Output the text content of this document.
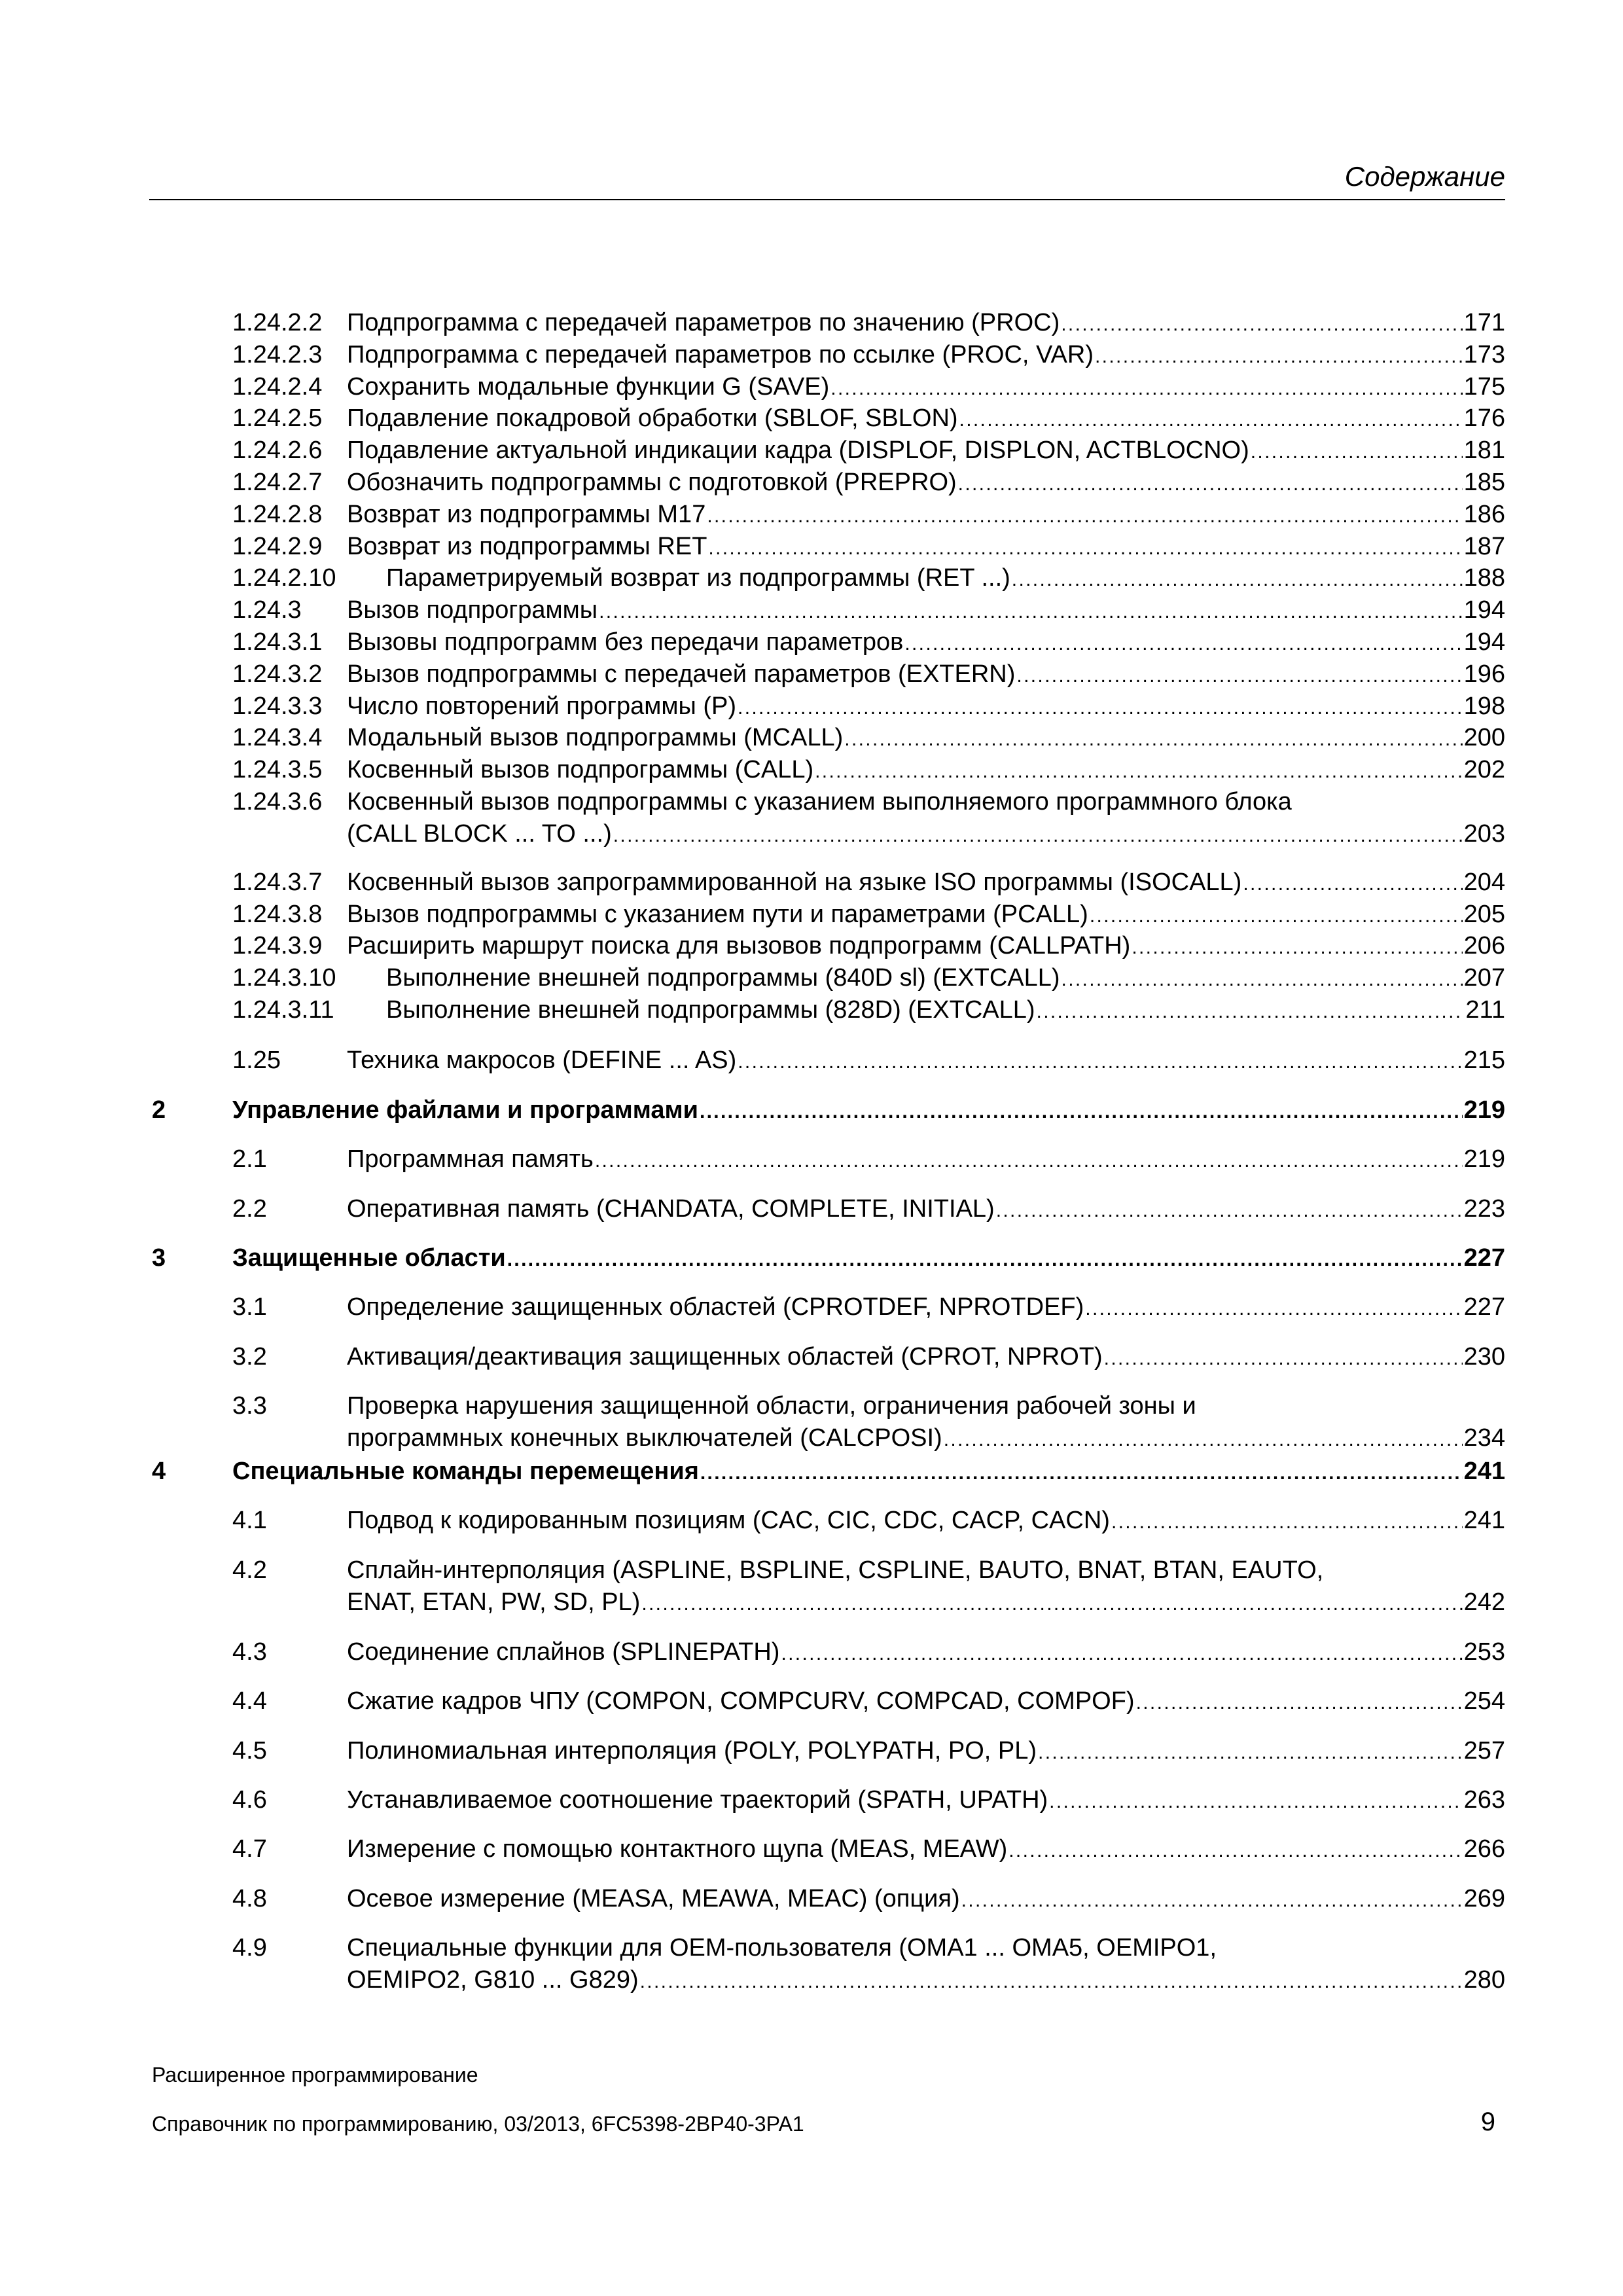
Содержание
1.24.2.2 Подпрограмма с передачей параметров по значению (PROC) . . .	171
1.24.2.3 Подпрограмма с передачей параметров по ссылке (PROC, VAR) . . .	173
1.24.2.4 Сохранить модальные функции G (SAVE) . . .	175
1.24.2.5 Подавление покадровой обработки (SBLOF, SBLON) . . .	176
1.24.2.6 Подавление актуальной индикации кадра (DISPLOF, DISPLON, ACTBLOCNO) . . .	181
1.24.2.7 Обозначить подпрограммы с подготовкой (PREPRO) . . .	185
1.24.2.8 Возврат из подпрограммы M17 . . .	186
1.24.2.9 Возврат из подпрограммы RET . . .	187
1.24.2.10 Параметрируемый возврат из подпрограммы (RET ...) . . .	188
1.24.3 Вызов подпрограммы . . .	194
1.24.3.1 Вызовы подпрограмм без передачи параметров . . .	194
1.24.3.2 Вызов подпрограммы с передачей параметров (EXTERN) . . .	196
1.24.3.3 Число повторений программы (P) . . .	198
1.24.3.4 Модальный вызов подпрограммы (MCALL) . . .	200
1.24.3.5 Косвенный вызов подпрограммы (CALL) . . .	202
1.24.3.6 Косвенный вызов подпрограммы с указанием выполняемого программного блока
(CALL BLOCK ... TO ...) . . .	203
1.24.3.7 Косвенный вызов запрограммированной на языке ISO программы (ISOCALL) . . .	204
1.24.3.8 Вызов подпрограммы с указанием пути и параметрами (PCALL) . . .	205
1.24.3.9 Расширить маршрут поиска для вызовов подпрограмм (CALLPATH) . . .	206
1.24.3.10 Выполнение внешней подпрограммы (840D sl) (EXTCALL) . . .	207
1.24.3.11 Выполнение внешней подпрограммы (828D) (EXTCALL) . . .	211
1.25	Техника макросов (DEFINE ... AS) . . .	215
2	Управление файлами и программами . . .	219
2.1	Программная память . . .	219
2.2	Оперативная память (CHANDATA, COMPLETE, INITIAL) . . .	223
3	Защищенные области . . .	227
3.1	Определение защищенных областей (CPROTDEF, NPROTDEF) . . .	227
3.2	Активация/деактивация защищенных областей (CPROT, NPROT) . . .	230
3.3	Проверка нарушения защищенной области, ограничения рабочей зоны и
программных конечных выключателей (CALCPOSI) . . .	234
4	Специальные команды перемещения . . .	241
4.1	Подвод к кодированным позициям (CAC, CIC, CDC, CACP, CACN) . . .	241
4.2	Сплайн-интерполяция (ASPLINE, BSPLINE, CSPLINE, BAUTO, BNAT, BTAN, EAUTO,
ENAT, ETAN, PW, SD, PL) . . .	242
4.3	Соединение сплайнов (SPLINEPATH) . . .	253
4.4	Сжатие кадров ЧПУ (COMPON, COMPCURV, COMPCAD, COMPOF) . . .	254
4.5	Полиномиальная интерполяция (POLY, POLYPATH, PO, PL) . . .	257
4.6	Устанавливаемое соотношение траекторий (SPATH, UPATH) . . .	263
4.7	Измерение с помощью контактного щупа (MEAS, MEAW) . . .	266
4.8	Осевое измерение (MEASA, MEAWA, MEAC) (опция) . . .	269
4.9	Специальные функции для OEM-пользователя (OMA1 ... OMA5, OEMIPO1,
OEMIPO2, G810 ... G829) . . .	280
Расширенное программирование
Справочник по программированию, 03/2013, 6FC5398-2BP40-3PA1	9
